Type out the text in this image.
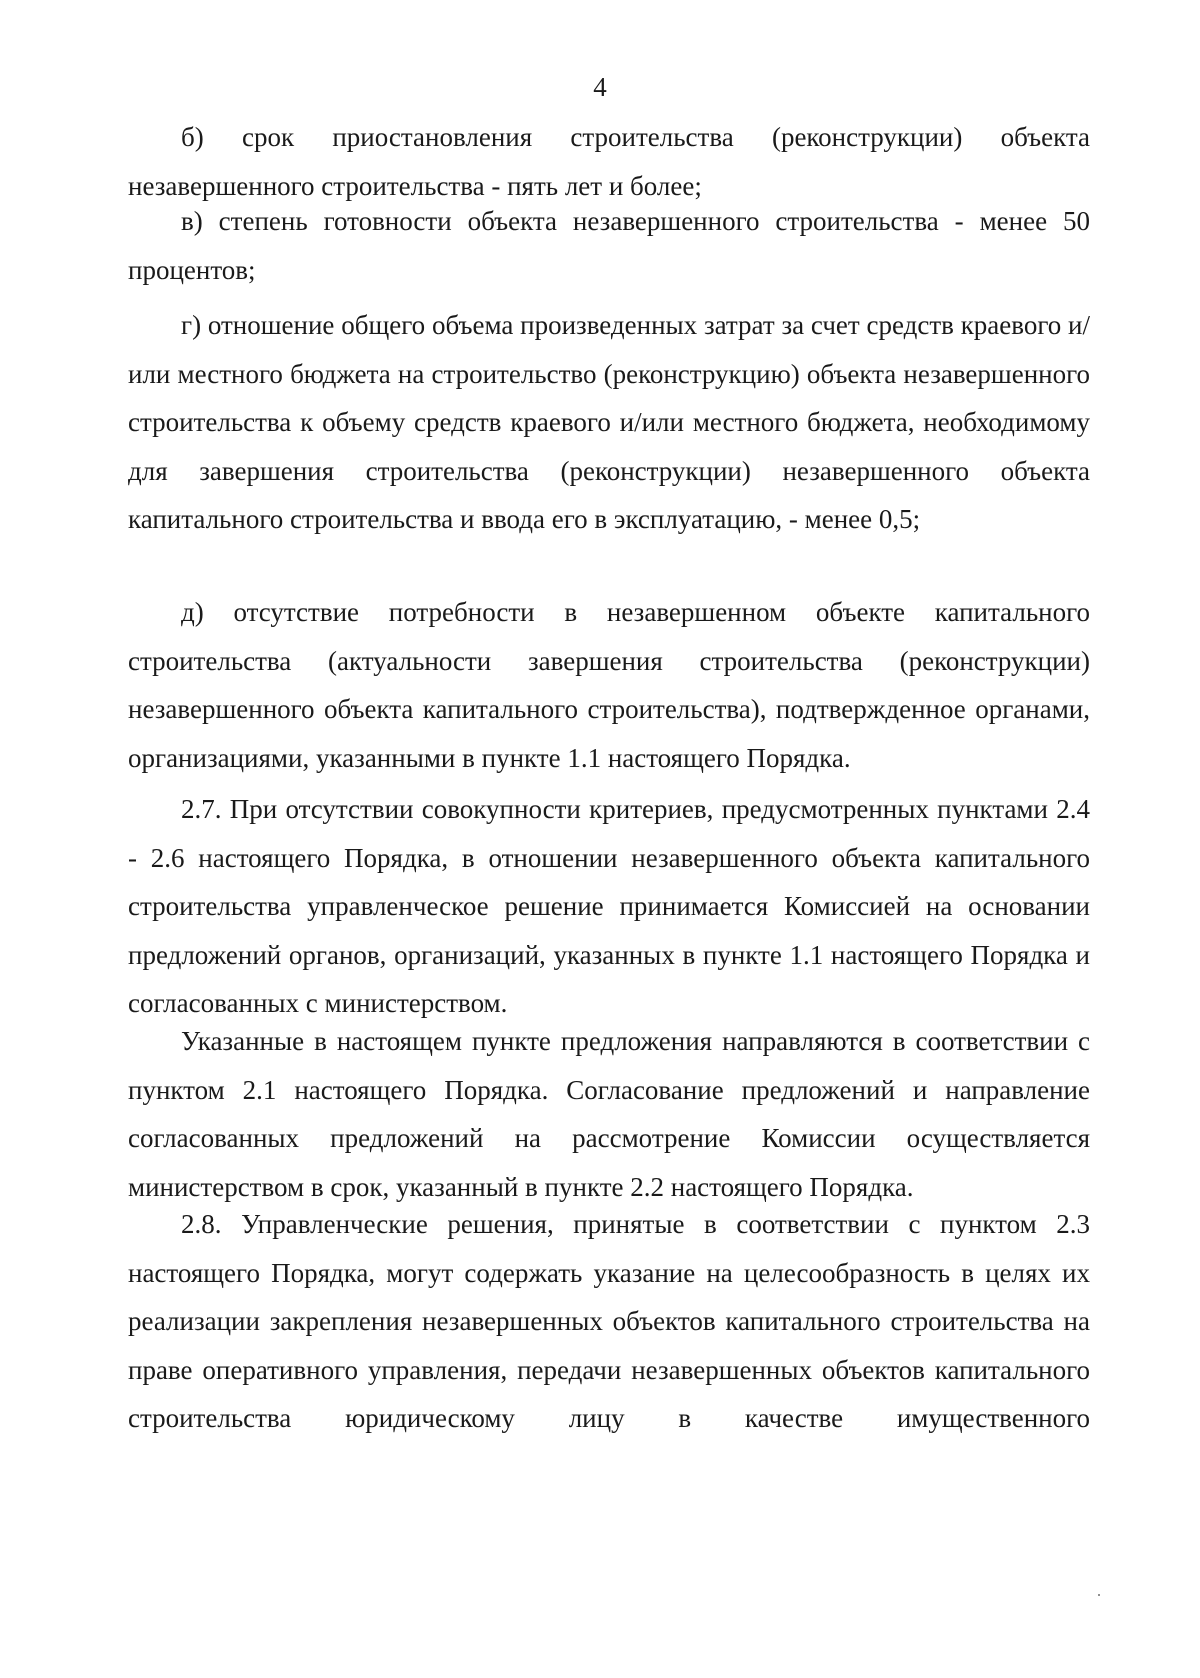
4

б) срок приостановления строительства (реконструкции) объекта незавершенного строительства - пять лет и более;

в) степень готовности объекта незавершенного строительства - менее 50 процентов;

г) отношение общего объема произведенных затрат за счет средств краевого и/или местного бюджета на строительство (реконструкцию) объекта незавершенного строительства к объему средств краевого и/или местного бюджета, необходимому для завершения строительства (реконструкции) незавершенного объекта капитального строительства и ввода его в эксплуатацию, - менее 0,5;

д) отсутствие потребности в незавершенном объекте капитального строительства (актуальности завершения строительства (реконструкции) незавершенного объекта капитального строительства), подтвержденное органами, организациями, указанными в пункте 1.1 настоящего Порядка.

2.7. При отсутствии совокупности критериев, предусмотренных пунктами 2.4 - 2.6 настоящего Порядка, в отношении незавершенного объекта капитального строительства управленческое решение принимается Комиссией на основании предложений органов, организаций, указанных в пункте 1.1 настоящего Порядка и согласованных с министерством.

Указанные в настоящем пункте предложения направляются в соответствии с пунктом 2.1 настоящего Порядка. Согласование предложений и направление согласованных предложений на рассмотрение Комиссии осуществляется министерством в срок, указанный в пункте 2.2 настоящего Порядка.

2.8. Управленческие решения, принятые в соответствии с пунктом 2.3 настоящего Порядка, могут содержать указание на целесообразность в целях их реализации закрепления незавершенных объектов капитального строительства на праве оперативного управления, передачи незавершенных объектов капитального строительства юридическому лицу в качестве имущественного
